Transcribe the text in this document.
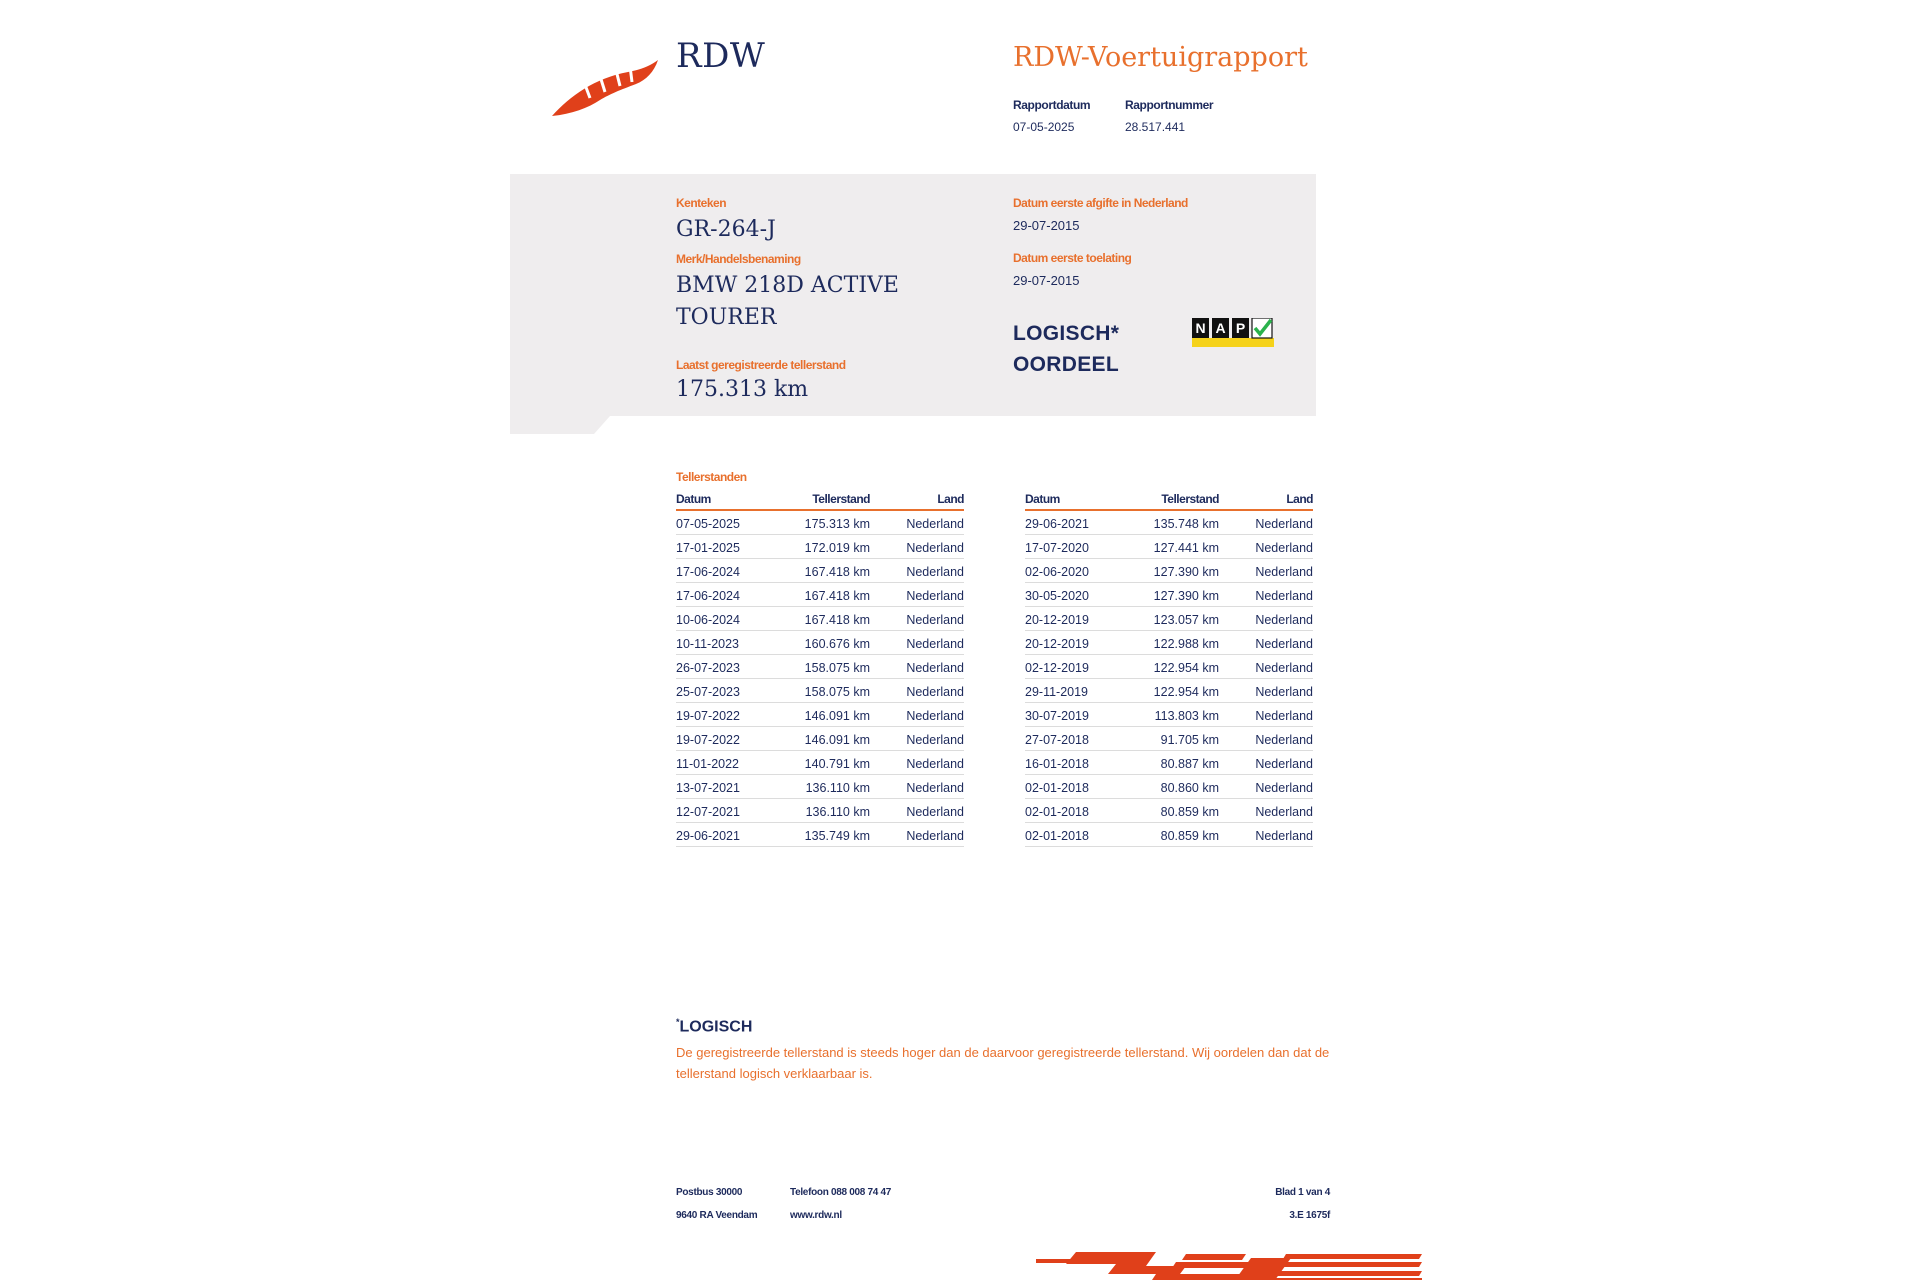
RDW	RDW-Voertuigrapport
Rapportdatum
07-05-2025
Rapportnummer
28.517.441
Kenteken
GR-264-J
Merk/Handelsbenaming
BMW 218D ACTIVE
TOURER
Laatst geregistreerde tellerstand
175.313 km
Datum eerste afgifte in Nederland
29-07-2015
Datum eerste toelating
29-07-2015
LOGISCH*
OORDEEL
N A P
Tellerstanden
Datum	Tellerstand	Land
07-05-2025	175.313 km	Nederland
17-01-2025	172.019 km	Nederland
17-06-2024	167.418 km	Nederland
17-06-2024	167.418 km	Nederland
10-06-2024	167.418 km	Nederland
10-11-2023	160.676 km	Nederland
26-07-2023	158.075 km	Nederland
25-07-2023	158.075 km	Nederland
19-07-2022	146.091 km	Nederland
19-07-2022	146.091 km	Nederland
11-01-2022	140.791 km	Nederland
13-07-2021	136.110 km	Nederland
12-07-2021	136.110 km	Nederland
29-06-2021	135.749 km	Nederland
Datum	Tellerstand	Land
29-06-2021	135.748 km	Nederland
17-07-2020	127.441 km	Nederland
02-06-2020	127.390 km	Nederland
30-05-2020	127.390 km	Nederland
20-12-2019	123.057 km	Nederland
20-12-2019	122.988 km	Nederland
02-12-2019	122.954 km	Nederland
29-11-2019	122.954 km	Nederland
30-07-2019	113.803 km	Nederland
27-07-2018	91.705 km	Nederland
16-01-2018	80.887 km	Nederland
02-01-2018	80.860 km	Nederland
02-01-2018	80.859 km	Nederland
02-01-2018	80.859 km	Nederland
*LOGISCH
De geregistreerde tellerstand is steeds hoger dan de daarvoor geregistreerde tellerstand. Wij oordelen dan dat de tellerstand logisch verklaarbaar is.
Postbus 30000
9640 RA Veendam
Telefoon 088 008 74 47
www.rdw.nl
Blad 1 van 4
3.E 1675f
